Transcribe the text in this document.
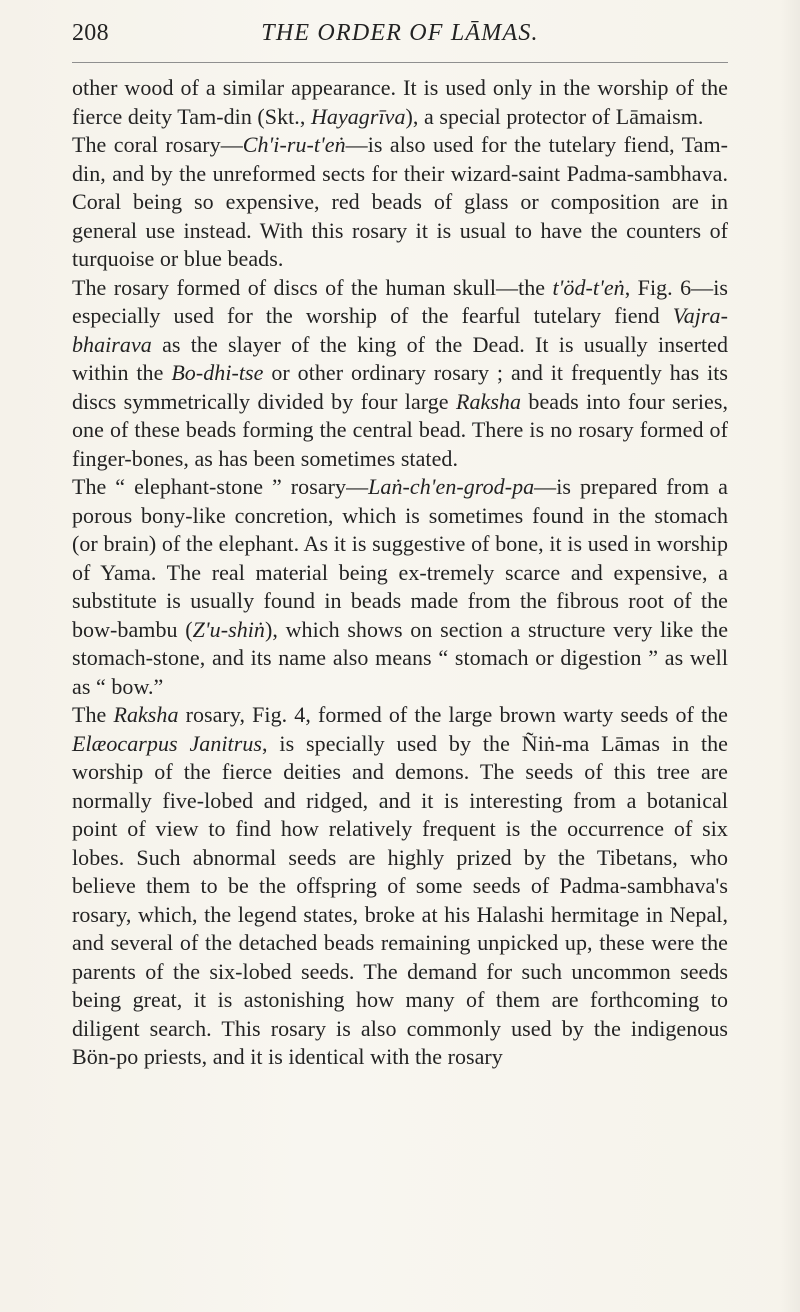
208	THE ORDER OF LĀMAS.

other wood of a similar appearance. It is used only in the worship of the fierce deity Tam-din (Skt., Hayagrīva), a special protector of Lāmaism.

The coral rosary—Ch'i-ru-t'eṅ—is also used for the tutelary fiend, Tam-din, and by the unreformed sects for their wizard-saint Padma-sambhava. Coral being so expensive, red beads of glass or composition are in general use instead. With this rosary it is usual to have the counters of turquoise or blue beads.

The rosary formed of discs of the human skull—the t'öd-t'eṅ, Fig. 6—is especially used for the worship of the fearful tutelary fiend Vajra-bhairava as the slayer of the king of the Dead. It is usually inserted within the Bo-dhi-tse or other ordinary rosary ; and it frequently has its discs symmetrically divided by four large Raksha beads into four series, one of these beads forming the central bead. There is no rosary formed of finger-bones, as has been sometimes stated.

The “ elephant-stone ” rosary—Laṅ-ch'en-grod-pa—is prepared from a porous bony-like concretion, which is sometimes found in the stomach (or brain) of the elephant. As it is suggestive of bone, it is used in worship of Yama. The real material being ex-tremely scarce and expensive, a substitute is usually found in beads made from the fibrous root of the bow-bambu (Z'u-shiṅ), which shows on section a structure very like the stomach-stone, and its name also means “ stomach or digestion ” as well as “ bow.”

The Raksha rosary, Fig. 4, formed of the large brown warty seeds of the Elæocarpus Janitrus, is specially used by the Ñiṅ-ma Lāmas in the worship of the fierce deities and demons. The seeds of this tree are normally five-lobed and ridged, and it is interesting from a botanical point of view to find how relatively frequent is the occurrence of six lobes. Such abnormal seeds are highly prized by the Tibetans, who believe them to be the offspring of some seeds of Padma-sambhava's rosary, which, the legend states, broke at his Halashi hermitage in Nepal, and several of the detached beads remaining unpicked up, these were the parents of the six-lobed seeds. The demand for such uncommon seeds being great, it is astonishing how many of them are forthcoming to diligent search. This rosary is also commonly used by the indigenous Bön-po priests, and it is identical with the rosary
